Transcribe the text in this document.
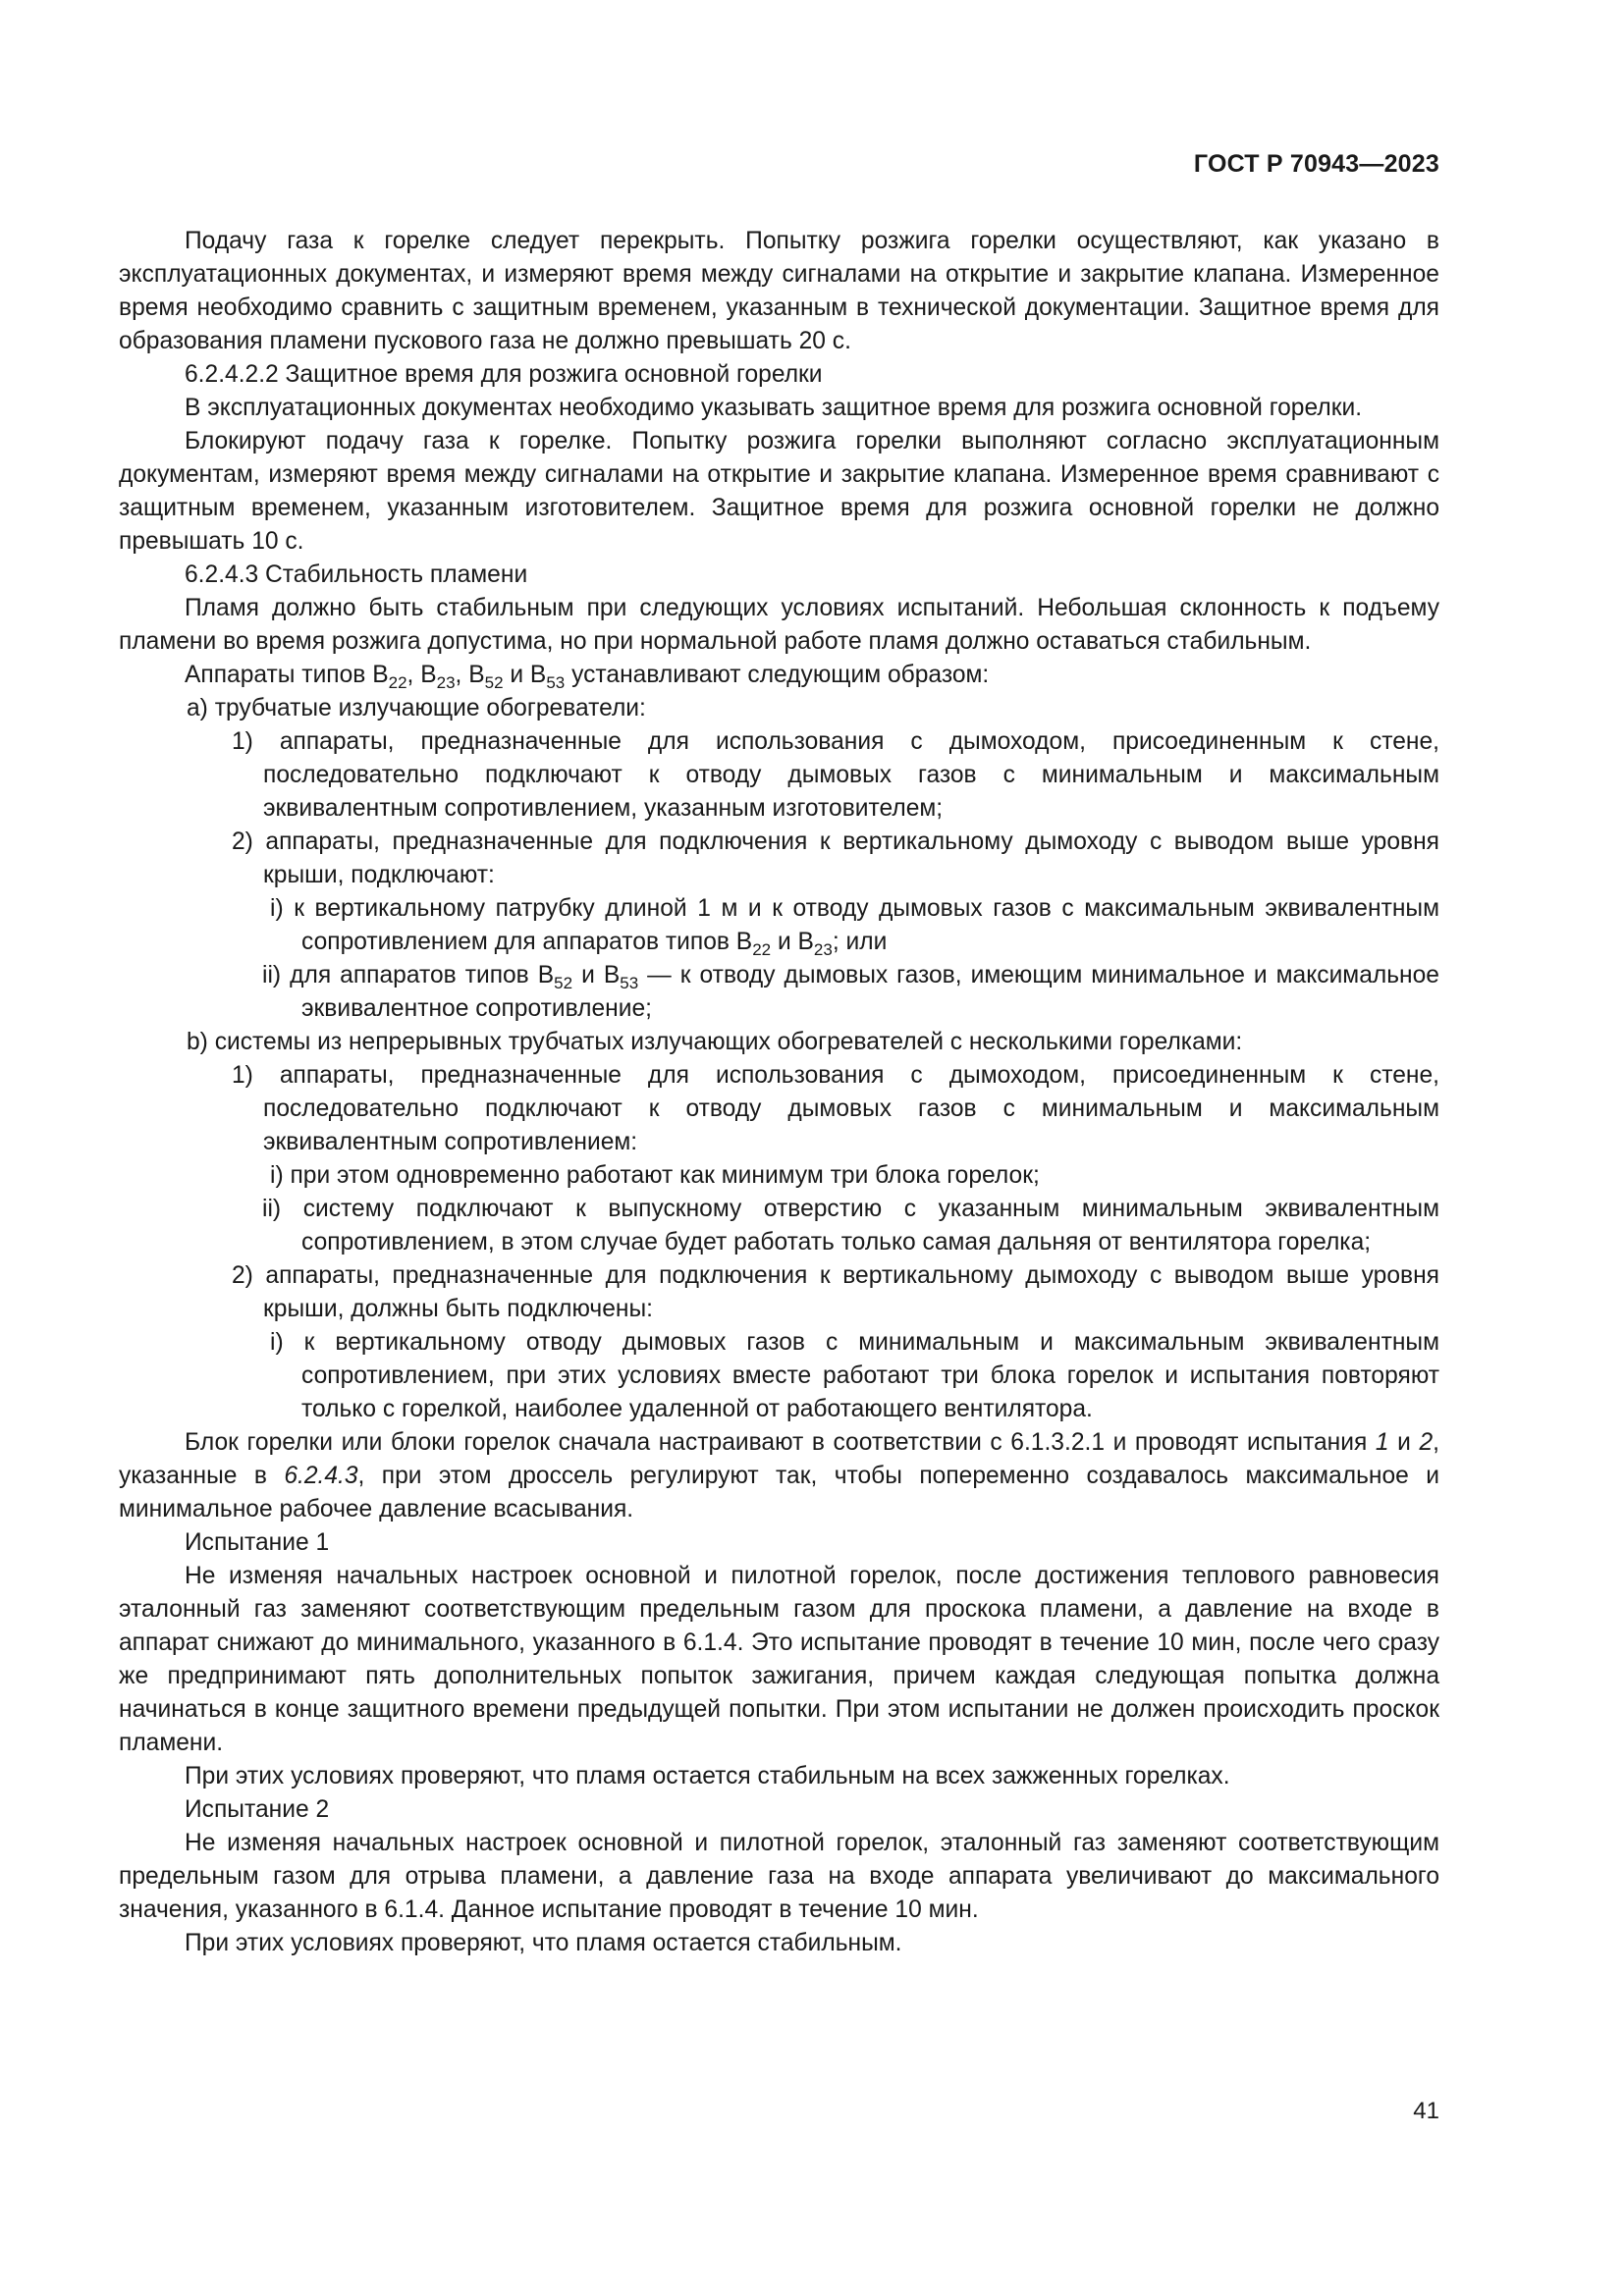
ГОСТ Р 70943—2023

Подачу газа к горелке следует перекрыть. Попытку розжига горелки осуществляют, как указано в эксплуатационных документах, и измеряют время между сигналами на открытие и закрытие клапана. Измеренное время необходимо сравнить с защитным временем, указанным в технической документации. Защитное время для образования пламени пускового газа не должно превышать 20 с.

6.2.4.2.2 Защитное время для розжига основной горелки

В эксплуатационных документах необходимо указывать защитное время для розжига основной горелки.

Блокируют подачу газа к горелке. Попытку розжига горелки выполняют согласно эксплуатационным документам, измеряют время между сигналами на открытие и закрытие клапана. Измеренное время сравнивают с защитным временем, указанным изготовителем. Защитное время для розжига основной горелки не должно превышать 10 с.

6.2.4.3 Стабильность пламени

Пламя должно быть стабильным при следующих условиях испытаний. Небольшая склонность к подъему пламени во время розжига допустима, но при нормальной работе пламя должно оставаться стабильным.

Аппараты типов $В_{22}$, $В_{23}$, $В_{52}$ и $В_{53}$ устанавливают следующим образом:

а) трубчатые излучающие обогреватели:

1) аппараты, предназначенные для использования с дымоходом, присоединенным к стене, последовательно подключают к отводу дымовых газов с минимальным и максимальным эквивалентным сопротивлением, указанным изготовителем;

2) аппараты, предназначенные для подключения к вертикальному дымоходу с выводом выше уровня крыши, подключают:

i) к вертикальному патрубку длиной 1 м и к отводу дымовых газов с максимальным эквивалентным сопротивлением для аппаратов типов $В_{22}$ и $В_{23}$; или

ii) для аппаратов типов $В_{52}$ и $В_{53}$ — к отводу дымовых газов, имеющим минимальное и максимальное эквивалентное сопротивление;

b) системы из непрерывных трубчатых излучающих обогревателей с несколькими горелками:

1) аппараты, предназначенные для использования с дымоходом, присоединенным к стене, последовательно подключают к отводу дымовых газов с минимальным и максимальным эквивалентным сопротивлением:

i) при этом одновременно работают как минимум три блока горелок;

ii) систему подключают к выпускному отверстию с указанным минимальным эквивалентным сопротивлением, в этом случае будет работать только самая дальняя от вентилятора горелка;

2) аппараты, предназначенные для подключения к вертикальному дымоходу с выводом выше уровня крыши, должны быть подключены:

i) к вертикальному отводу дымовых газов с минимальным и максимальным эквивалентным сопротивлением, при этих условиях вместе работают три блока горелок и испытания повторяют только с горелкой, наиболее удаленной от работающего вентилятора.

Блок горелки или блоки горелок сначала настраивают в соответствии с 6.1.3.2.1 и проводят испытания 1 и 2, указанные в 6.2.4.3, при этом дроссель регулируют так, чтобы попеременно создавалось максимальное и минимальное рабочее давление всасывания.

Испытание 1

Не изменяя начальных настроек основной и пилотной горелок, после достижения теплового равновесия эталонный газ заменяют соответствующим предельным газом для проскока пламени, а давление на входе в аппарат снижают до минимального, указанного в 6.1.4. Это испытание проводят в течение 10 мин, после чего сразу же предпринимают пять дополнительных попыток зажигания, причем каждая следующая попытка должна начинаться в конце защитного времени предыдущей попытки. При этом испытании не должен происходить проскок пламени.

При этих условиях проверяют, что пламя остается стабильным на всех зажженных горелках.

Испытание 2

Не изменяя начальных настроек основной и пилотной горелок, эталонный газ заменяют соответствующим предельным газом для отрыва пламени, а давление газа на входе аппарата увеличивают до максимального значения, указанного в 6.1.4. Данное испытание проводят в течение 10 мин.

При этих условиях проверяют, что пламя остается стабильным.

41
